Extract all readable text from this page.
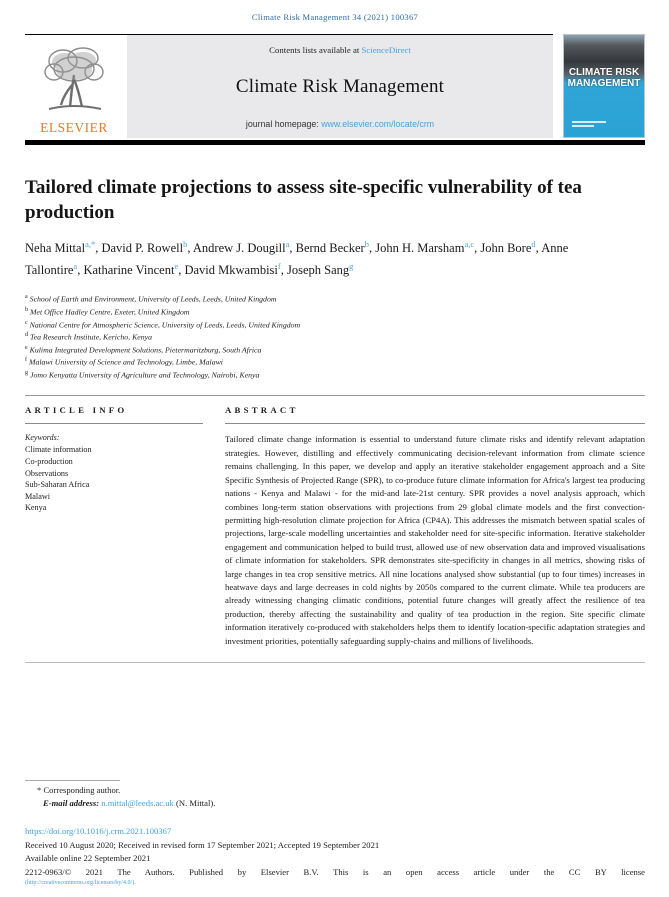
Climate Risk Management 34 (2021) 100367
ELSEVIER
Contents lists available at ScienceDirect
Climate Risk Management
journal homepage: www.elsevier.com/locate/crm
CLIMATE RISK
MANAGEMENT
Tailored climate projections to assess site-specific vulnerability of tea production

Neha Mittal$^{a,*}$, David P. Rowell$^b$, Andrew J. Dougill$^a$, Bernd Becker$^b$, John H. Marsham$^{a,c}$, John Bore$^d$, Anne Tallontire$^a$, Katharine Vincent$^e$, David Mkwambisi$^f$, Joseph Sang$^g$

$^a$ School of Earth and Environment, University of Leeds, Leeds, United Kingdom
$^b$ Met Office Hadley Centre, Exeter, United Kingdom
$^c$ National Centre for Atmospheric Science, University of Leeds, Leeds, United Kingdom
$^d$ Tea Research Institute, Kericho, Kenya
$^e$ Kulima Integrated Development Solutions, Pietermaritzburg, South Africa
$^f$ Malawi University of Science and Technology, Limbe, Malawi
$^g$ Jomo Kenyatta University of Agriculture and Technology, Nairobi, Kenya
ARTICLE INFO
Keywords:
Climate information
Co-production
Observations
Sub-Saharan Africa
Malawi
Kenya
ABSTRACT

Tailored climate change information is essential to understand future climate risks and identify relevant adaptation strategies. However, distilling and effectively communicating decision-relevant information from climate science remains challenging. In this paper, we develop and apply an iterative stakeholder engagement approach and a Site Specific Synthesis of Projected Range (SPR), to co-produce future climate information for Africa's largest tea producing nations - Kenya and Malawi - for the mid-and late-21st century. SPR provides a novel analysis approach, which combines long-term station observations with projections from 29 global climate models and the first convection-permitting high-resolution climate projection for Africa (CP4A). This addresses the mismatch between spatial scales of projections, large-scale modelling uncertainties and stakeholder need for site-specific information. Iterative stakeholder engagement and communication helped to build trust, allowed use of new observation data and improved visualisations of climate information for stakeholders. SPR demonstrates site-specificity in changes in all metrics, showing risks of large changes in tea crop sensitive metrics. All nine locations analysed show substantial (up to four times) increases in heatwave days and large decreases in cold nights by 2050s compared to the current climate. While tea producers are already witnessing changing climatic conditions, potential future changes will greatly affect the resilience of tea production, thereby affecting the sustainability and quality of tea production in the region. Site specific climate information iteratively co-produced with stakeholders helps them to identify location-specific adaptation strategies and investment priorities, potentially safeguarding supply-chains and millions of livelihoods.

* Corresponding author.
E-mail address: n.mittal@leeds.ac.uk (N. Mittal).
https://doi.org/10.1016/j.crm.2021.100367
Received 10 August 2020; Received in revised form 17 September 2021; Accepted 19 September 2021
Available online 22 September 2021
2212-0963/© 2021 The Authors. Published by Elsevier B.V. This is an open access article under the CC BY license
(http://creativecommons.org/licenses/by/4.0/).
